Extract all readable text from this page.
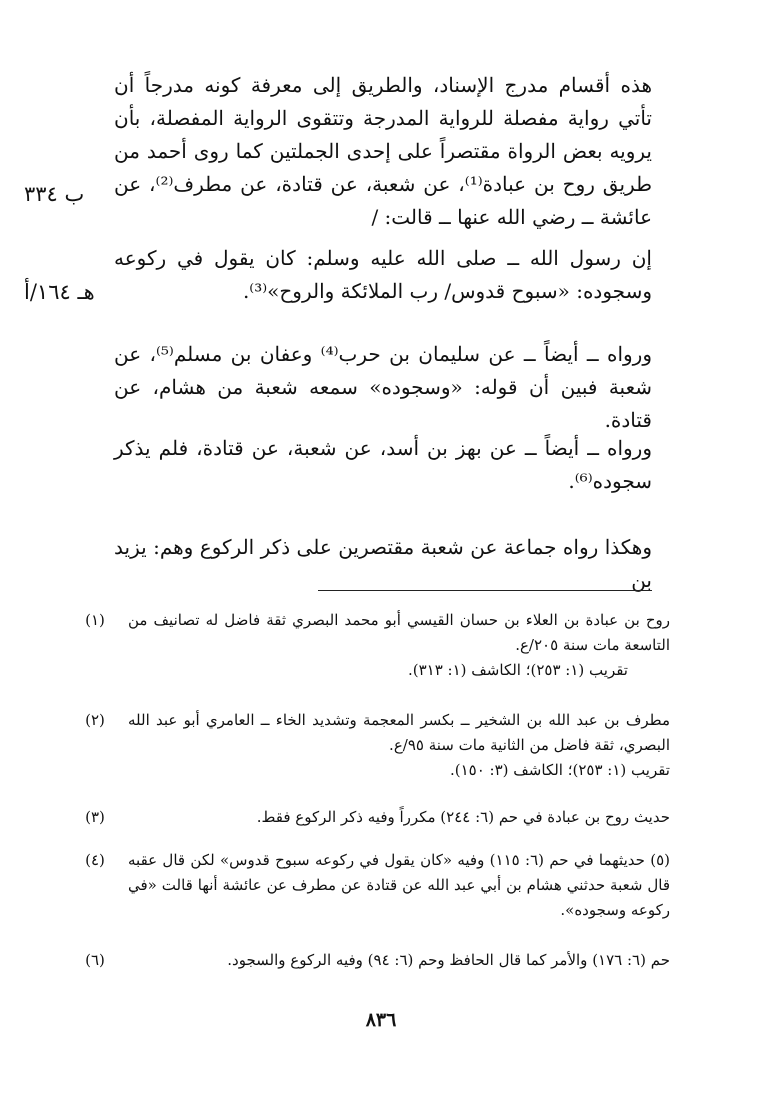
ب ٣٣٤
هـ ١٦٤/أ

هذه أقسام مدرج الإسناد، والطريق إلى معرفة كونه مدرجاً أن تأتي رواية مفصلة للرواية المدرجة وتتقوى الرواية المفصلة، بأن يرويه بعض الرواة مقتصراً على إحدى الجملتين كما روى أحمد من طريق روح بن عبادة⁽¹⁾، عن شعبة، عن قتادة، عن مطرف⁽²⁾، عن عائشة ــ رضي الله عنها ــ قالت: /

إن رسول الله ــ صلى الله عليه وسلم: كان يقول في ركوعه وسجوده: «سبوح قدوس/ رب الملائكة والروح»⁽³⁾.

ورواه ــ أيضاً ــ عن سليمان بن حرب⁽⁴⁾ وعفان بن مسلم⁽⁵⁾، عن شعبة فبين أن قوله: «وسجوده» سمعه شعبة من هشام، عن قتادة.

ورواه ــ أيضاً ــ عن بهز بن أسد، عن شعبة، عن قتادة، فلم يذكر سجوده⁽⁶⁾.

وهكذا رواه جماعة عن شعبة مقتصرين على ذكر الركوع وهم: يزيد بن

(١)	روح بن عبادة بن العلاء بن حسان القيسي أبو محمد البصري ثقة فاضل له تصانيف من التاسعة مات سنة ٢٠٥/ع.
تقريب (١: ٢٥٣)؛ الكاشف (١: ٣١٣).
(٢)	مطرف بن عبد الله بن الشخير ــ بكسر المعجمة وتشديد الخاء ــ العامري أبو عبد الله البصري، ثقة فاضل من الثانية مات سنة ٩٥/ع.
تقريب (١: ٢٥٣)؛ الكاشف (٣: ١٥٠).
(٣)	حديث روح بن عبادة في حم (٦: ٢٤٤) مكرراً وفيه ذكر الركوع فقط.
(٤)	(٥) حديثهما في حم (٦: ١١٥) وفيه «كان يقول في ركوعه سبوح قدوس» لكن قال عقبه قال شعبة حدثني هشام بن أبي عبد الله عن قتادة عن مطرف عن عائشة أنها قالت «في ركوعه وسجوده».
(٦)	حم (٦: ١٧٦) والأمر كما قال الحافظ وحم (٦: ٩٤) وفيه الركوع والسجود.
٨٣٦
